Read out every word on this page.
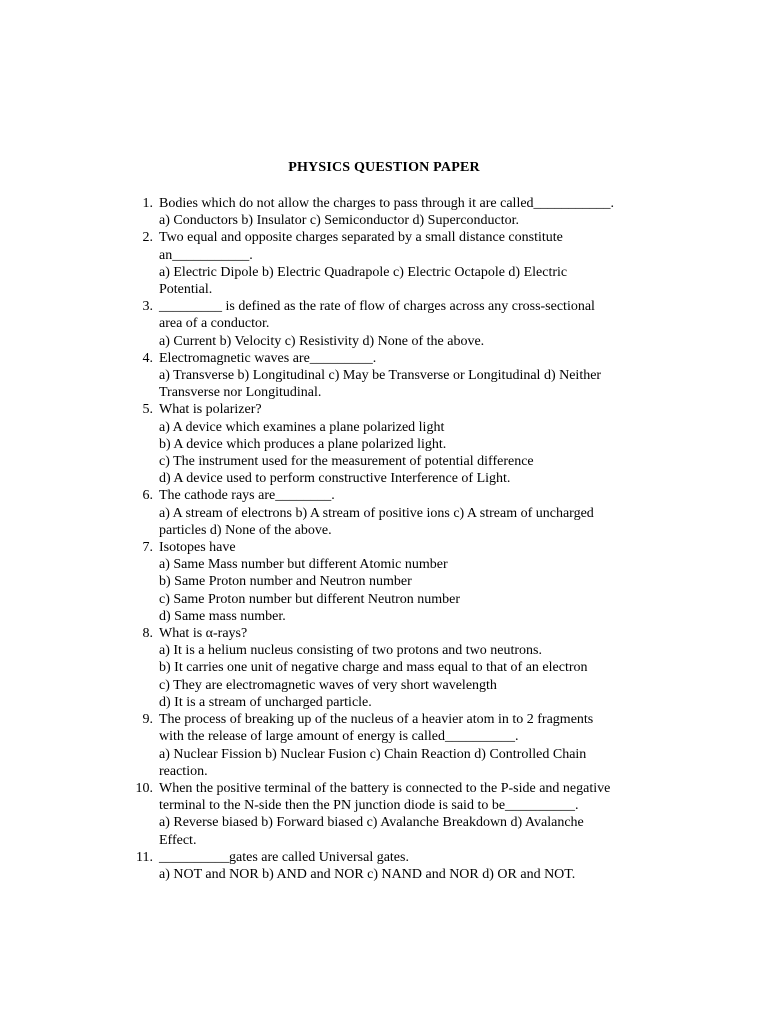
PHYSICS QUESTION PAPER
1. Bodies which do not allow the charges to pass through it are called___________.
a) Conductors b) Insulator c) Semiconductor d) Superconductor.
2. Two equal and opposite charges separated by a small distance constitute
an___________.
a) Electric Dipole b) Electric Quadrapole c) Electric Octapole d) Electric
Potential.
3. _________ is defined as the rate of flow of charges across any cross-sectional
area of a conductor.
a) Current b) Velocity c) Resistivity d) None of the above.
4. Electromagnetic waves are_________.
a) Transverse b) Longitudinal c) May be Transverse or Longitudinal d) Neither
Transverse nor Longitudinal.
5. What is polarizer?
a) A device which examines a plane polarized light
b) A device which produces a plane polarized light.
c) The instrument used for the measurement of potential difference
d) A device used to perform constructive Interference of Light.
6. The cathode rays are________.
a) A stream of electrons b) A stream of positive ions c) A stream of uncharged
particles d) None of the above.
7. Isotopes have
a) Same Mass number but different Atomic number
b) Same Proton number and Neutron number
c) Same Proton number but different Neutron number
d) Same mass number.
8. What is α-rays?
a) It is a helium nucleus consisting of two protons and two neutrons.
b) It carries one unit of negative charge and mass equal to that of an electron
c) They are electromagnetic waves of very short wavelength
d) It is a stream of uncharged particle.
9. The process of breaking up of the nucleus of a heavier atom in to 2 fragments
with the release of large amount of energy is called__________.
a) Nuclear Fission b) Nuclear Fusion c) Chain Reaction d) Controlled Chain
reaction.
10. When the positive terminal of the battery is connected to the P-side and negative
terminal to the N-side then the PN junction diode is said to be__________.
a) Reverse biased b) Forward biased c) Avalanche Breakdown d) Avalanche
Effect.
11. __________gates are called Universal gates.
a) NOT and NOR b) AND and NOR c) NAND and NOR d) OR and NOT.
